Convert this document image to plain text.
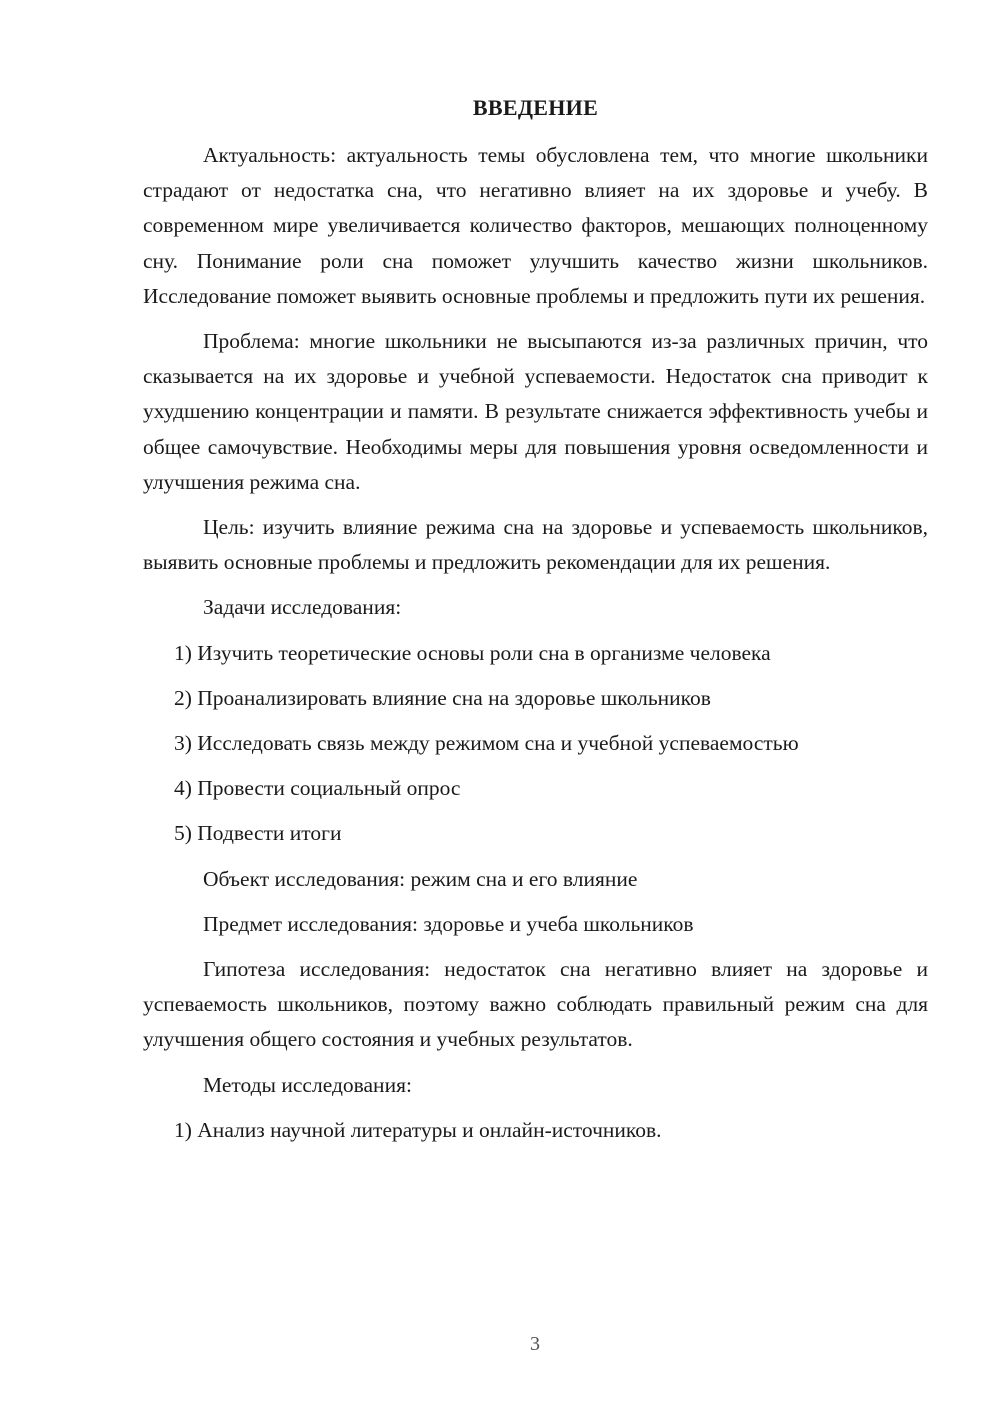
ВВЕДЕНИЕ

Актуальность: актуальность темы обусловлена тем, что многие школьники страдают от недостатка сна, что негативно влияет на их здоровье и учебу. В современном мире увеличивается количество факторов, мешающих полноценному сну. Понимание роли сна поможет улучшить качество жизни школьников. Исследование поможет выявить основные проблемы и предложить пути их решения.

Проблема: многие школьники не высыпаются из-за различных причин, что сказывается на их здоровье и учебной успеваемости. Недостаток сна приводит к ухудшению концентрации и памяти. В результате снижается эффективность учебы и общее самочувствие. Необходимы меры для повышения уровня осведомленности и улучшения режима сна.

Цель: изучить влияние режима сна на здоровье и успеваемость школьников, выявить основные проблемы и предложить рекомендации для их решения.

Задачи исследования:
1) Изучить теоретические основы роли сна в организме человека
2) Проанализировать влияние сна на здоровье школьников
3) Исследовать связь между режимом сна и учебной успеваемостью
4) Провести социальный опрос
5) Подвести итоги
Объект исследования: режим сна и его влияние
Предмет исследования: здоровье и учеба школьников

Гипотеза исследования: недостаток сна негативно влияет на здоровье и успеваемость школьников, поэтому важно соблюдать правильный режим сна для улучшения общего состояния и учебных результатов.

Методы исследования:
1) Анализ научной литературы и онлайн-источников.
3
